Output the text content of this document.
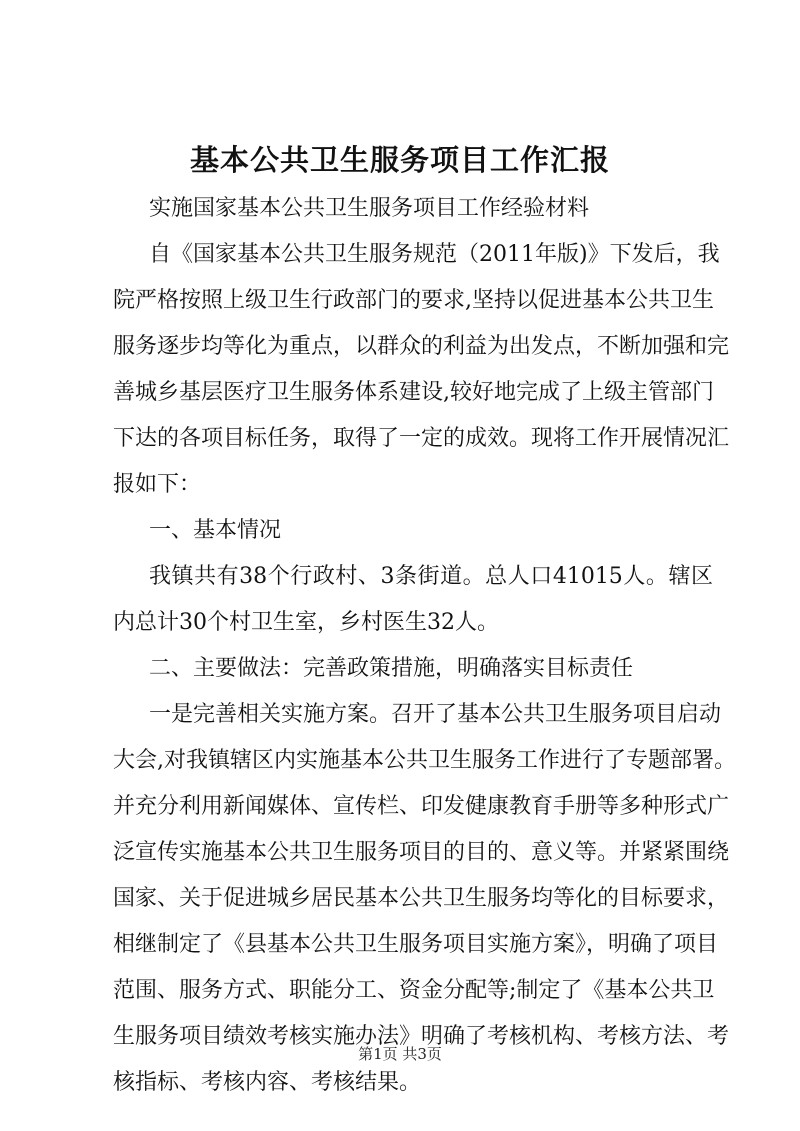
基本公共卫生服务项目工作汇报
实施国家基本公共卫生服务项目工作经验材料
自《国家基本公共卫生服务规范（2011年版)》下发后，我
院严格按照上级卫生行政部门的要求,坚持以促进基本公共卫生
服务逐步均等化为重点，以群众的利益为出发点，不断加强和完
善城乡基层医疗卫生服务体系建设,较好地完成了上级主管部门
下达的各项目标任务，取得了一定的成效。现将工作开展情况汇
报如下：
一、基本情况
我镇共有38个行政村、3条街道。总人口41015人。辖区
内总计30个村卫生室，乡村医生32人。
二、主要做法：完善政策措施，明确落实目标责任
一是完善相关实施方案。召开了基本公共卫生服务项目启动
大会,对我镇辖区内实施基本公共卫生服务工作进行了专题部署。
并充分利用新闻媒体、宣传栏、印发健康教育手册等多种形式广
泛宣传实施基本公共卫生服务项目的目的、意义等。并紧紧围绕
国家、关于促进城乡居民基本公共卫生服务均等化的目标要求，
相继制定了《县基本公共卫生服务项目实施方案》，明确了项目
范围、服务方式、职能分工、资金分配等;制定了《基本公共卫
生服务项目绩效考核实施办法》明确了考核机构、考核方法、考
核指标、考核内容、考核结果。
第1页 共3页
